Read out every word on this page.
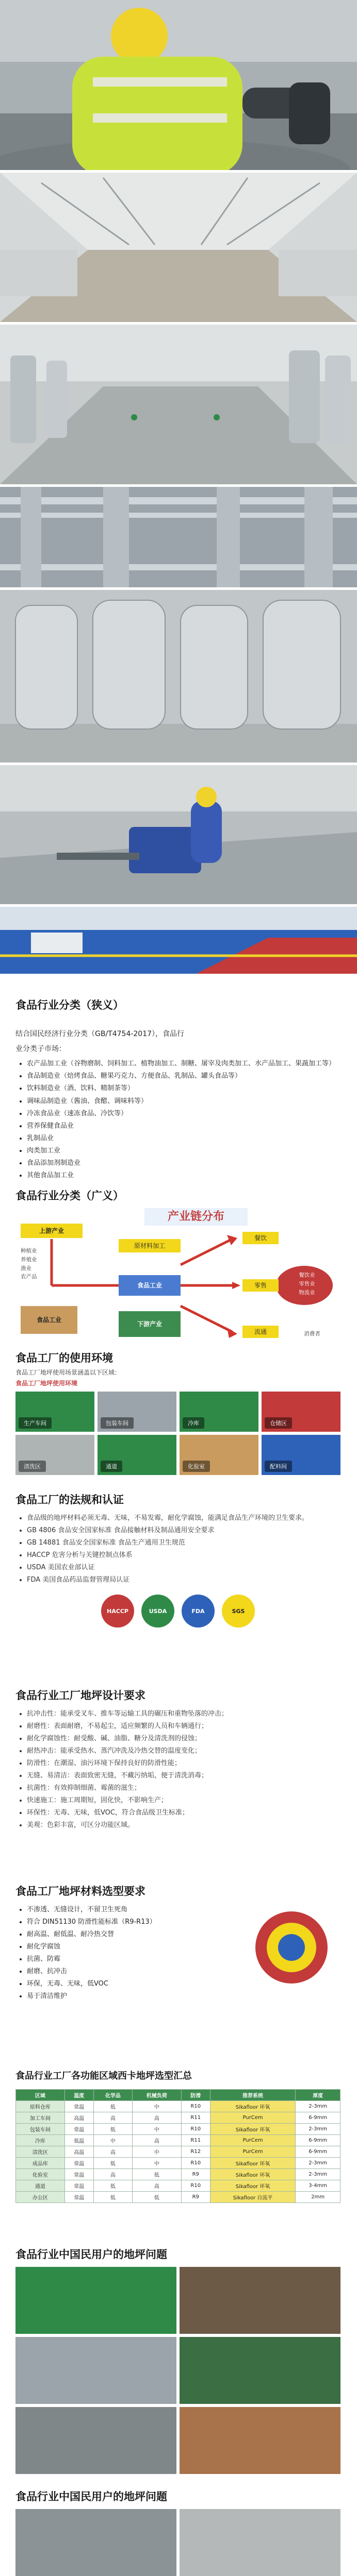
食品行业分类（狭义）

结合国民经济行业分类（GB/T4754-2017），食品行

业分类子市场：

• 农产品加工业（谷物磨制、饲料加工、植物油加工、制糖、屠宰及肉类加工、水产品加工、果蔬加工等）
• 食品制造业（焙烤食品、糖果巧克力、方便食品、乳制品、罐头食品等）
• 饮料制造业（酒、饮料、精制茶等）
• 调味品制造业（酱油、食醋、调味料等）
• 冷冻食品业（速冻食品、冷饮等）
• 营养保健食品业
• 乳制品业
• 肉类加工业
• 食品添加剂制造业
• 其他食品加工业
食品行业分类（广义）
上游产业
产业链分布
原材料加工
食品工业
餐饮
零售
流通
食品工业
下游产业
种植业
养殖业
渔业
农产品	餐饮业
零售业
物流业
消费者
食品工厂的使用环境
食品工厂地坪使用场景涵盖以下区域：
食品工厂地坪使用环境
生产车间	包装车间	冷库	仓储区
清洗区	通道	化验室	配料间
食品工厂的法规和认证
• 食品级的地坪材料必须无毒、无味，不易发霉，耐化学腐蚀，能满足食品生产环境的卫生要求。
• GB 4806 食品安全国家标准 食品接触材料及制品通用安全要求
• GB 14881 食品安全国家标准 食品生产通用卫生规范
• HACCP 危害分析与关键控制点体系
• USDA 美国农业部认证
• FDA 美国食品药品监督管理局认证
HACCP	USDA	FDA	SGS
食品行业工厂地坪设计要求
• 抗冲击性：能承受叉车、推车等运输工具的碾压和重物坠落的冲击；
• 耐磨性：表面耐磨，不易起尘，适应频繁的人员和车辆通行；
• 耐化学腐蚀性：耐受酸、碱、油脂、糖分及清洗剂的侵蚀；
• 耐热冲击：能承受热水、蒸汽冲洗及冷热交替的温度变化；
• 防滑性：在潮湿、油污环境下保持良好的防滑性能；
• 无缝、易清洁：表面致密无缝，不藏污纳垢，便于清洗消毒；
• 抗菌性：有效抑制细菌、霉菌的滋生；
• 快速施工：施工周期短，固化快，不影响生产；
• 环保性：无毒、无味，低VOC，符合食品级卫生标准；
• 美观：色彩丰富，可区分功能区域。
食品工厂地坪材料选型要求
• 不渗透、无缝设计，不留卫生死角
• 符合 DIN51130 防滑性能标准（R9-R13）
• 耐高温、耐低温、耐冷热交替
• 耐化学腐蚀
• 抗菌、防霉
• 耐磨、抗冲击
• 环保，无毒、无味，低VOC
• 易于清洁维护
食品行业工厂各功能区域西卡地坪选型汇总
区域	温度	化学品	机械负荷	防滑	推荐系统	厚度
原料仓库	常温	低	中	R10	Sikafloor 环氧	2-3mm
加工车间	高温	高	高	R11	PurCem	6-9mm
包装车间	常温	低	中	R10	Sikafloor 环氧	2-3mm
冷库	低温	中	高	R11	PurCem	6-9mm
清洗区	高温	高	中	R12	PurCem	6-9mm
成品库	常温	低	中	R10	Sikafloor 环氧	2-3mm
化验室	常温	高	低	R9	Sikafloor 环氧	2-3mm
通道	常温	低	高	R10	Sikafloor 环氧	3-4mm
办公区	常温	低	低	R9	Sikafloor 自流平	2mm
食品行业中国民用户的地坪问题
食品行业中国民用户的地坪问题
